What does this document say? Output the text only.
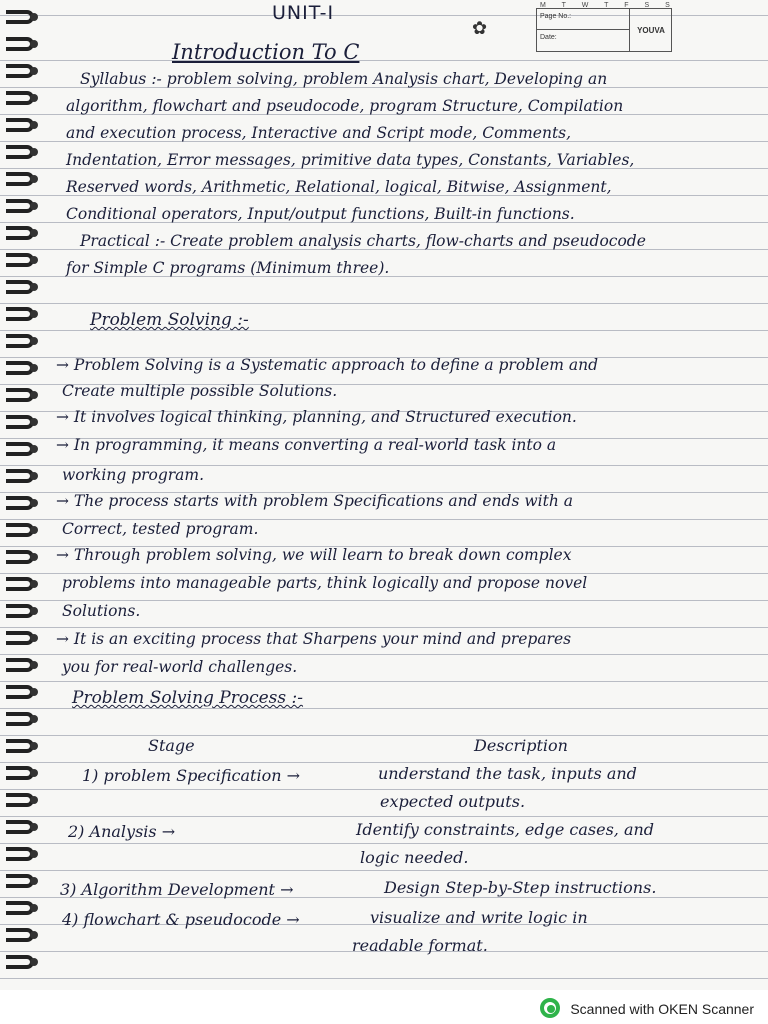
M T W T F S S
Page No.:
Date:
YOUVA
✿
UNIT-I
Introduction To C
Syllabus :- problem solving, problem Analysis chart, Developing an
algorithm, flowchart and pseudocode, program Structure, Compilation
and execution process, Interactive and Script mode, Comments,
Indentation, Error messages, primitive data types, Constants, Variables,
Reserved words, Arithmetic, Relational, logical, Bitwise, Assignment,
Conditional operators, Input/output functions, Built-in functions.
Practical :- Create problem analysis charts, flow-charts and pseudocode
for Simple C programs (Minimum three).
Problem Solving :-
→ Problem Solving is a Systematic approach to define a problem and
Create multiple possible Solutions.
→ It involves logical thinking, planning, and Structured execution.
→ In programming, it means converting a real-world task into a
working program.
→ The process starts with problem Specifications and ends with a
Correct, tested program.
→ Through problem solving, we will learn to break down complex
problems into manageable parts, think logically and propose novel
Solutions.
→ It is an exciting process that Sharpens your mind and prepares
you for real-world challenges.
Problem Solving Process :-
Stage	Description
1) problem Specification →	understand the task, inputs and
expected outputs.
2) Analysis →	Identify constraints, edge cases, and
logic needed.
3) Algorithm Development →	Design Step-by-Step instructions.
4) flowchart & pseudocode →	visualize and write logic in
readable format.
Scanned with OKEN Scanner
